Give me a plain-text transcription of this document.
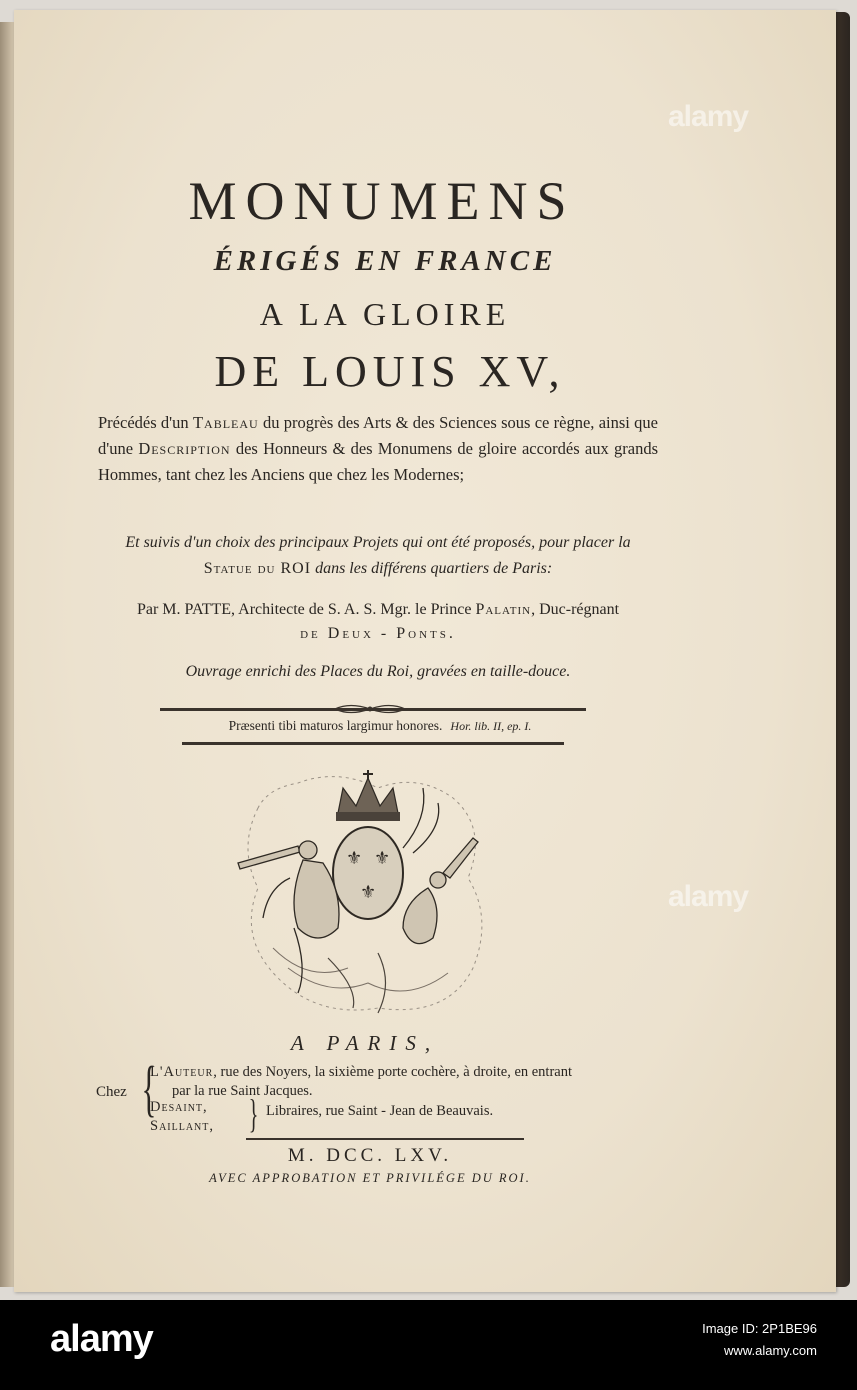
alamy
alamy
MONUMENS
ÉRIGÉS EN FRANCE
A LA GLOIRE
DE LOUIS XV,
Précédés d'un Tableau du progrès des Arts & des Sciences sous ce règne, ainsi que d'une Description des Honneurs & des Monumens de gloire accordés aux grands Hommes, tant chez les Anciens que chez les Modernes;
Et suivis d'un choix des principaux Projets qui ont été proposés, pour placer la
Statue du ROI dans les différens quartiers de Paris:
Par M. PATTE, Architecte de S. A. S. Mgr. le Prince Palatin, Duc-régnant
de Deux - Ponts.
Ouvrage enrichi des Places du Roi, gravées en taille-douce.
Præsenti tibi maturos largimur honores. Hor. lib. II, ep. I.
⚜ ⚜
⚜
A PARIS,
Chez {
L'Auteur, rue des Noyers, la sixième porte cochère, à droite, en entrant
par la rue Saint Jacques.
Desaint,
Saillant, } Libraires, rue Saint - Jean de Beauvais.
M. DCC. LXV.
AVEC APPROBATION ET PRIVILÉGE DU ROI.
alamy	Image ID: 2P1BE96
www.alamy.com
